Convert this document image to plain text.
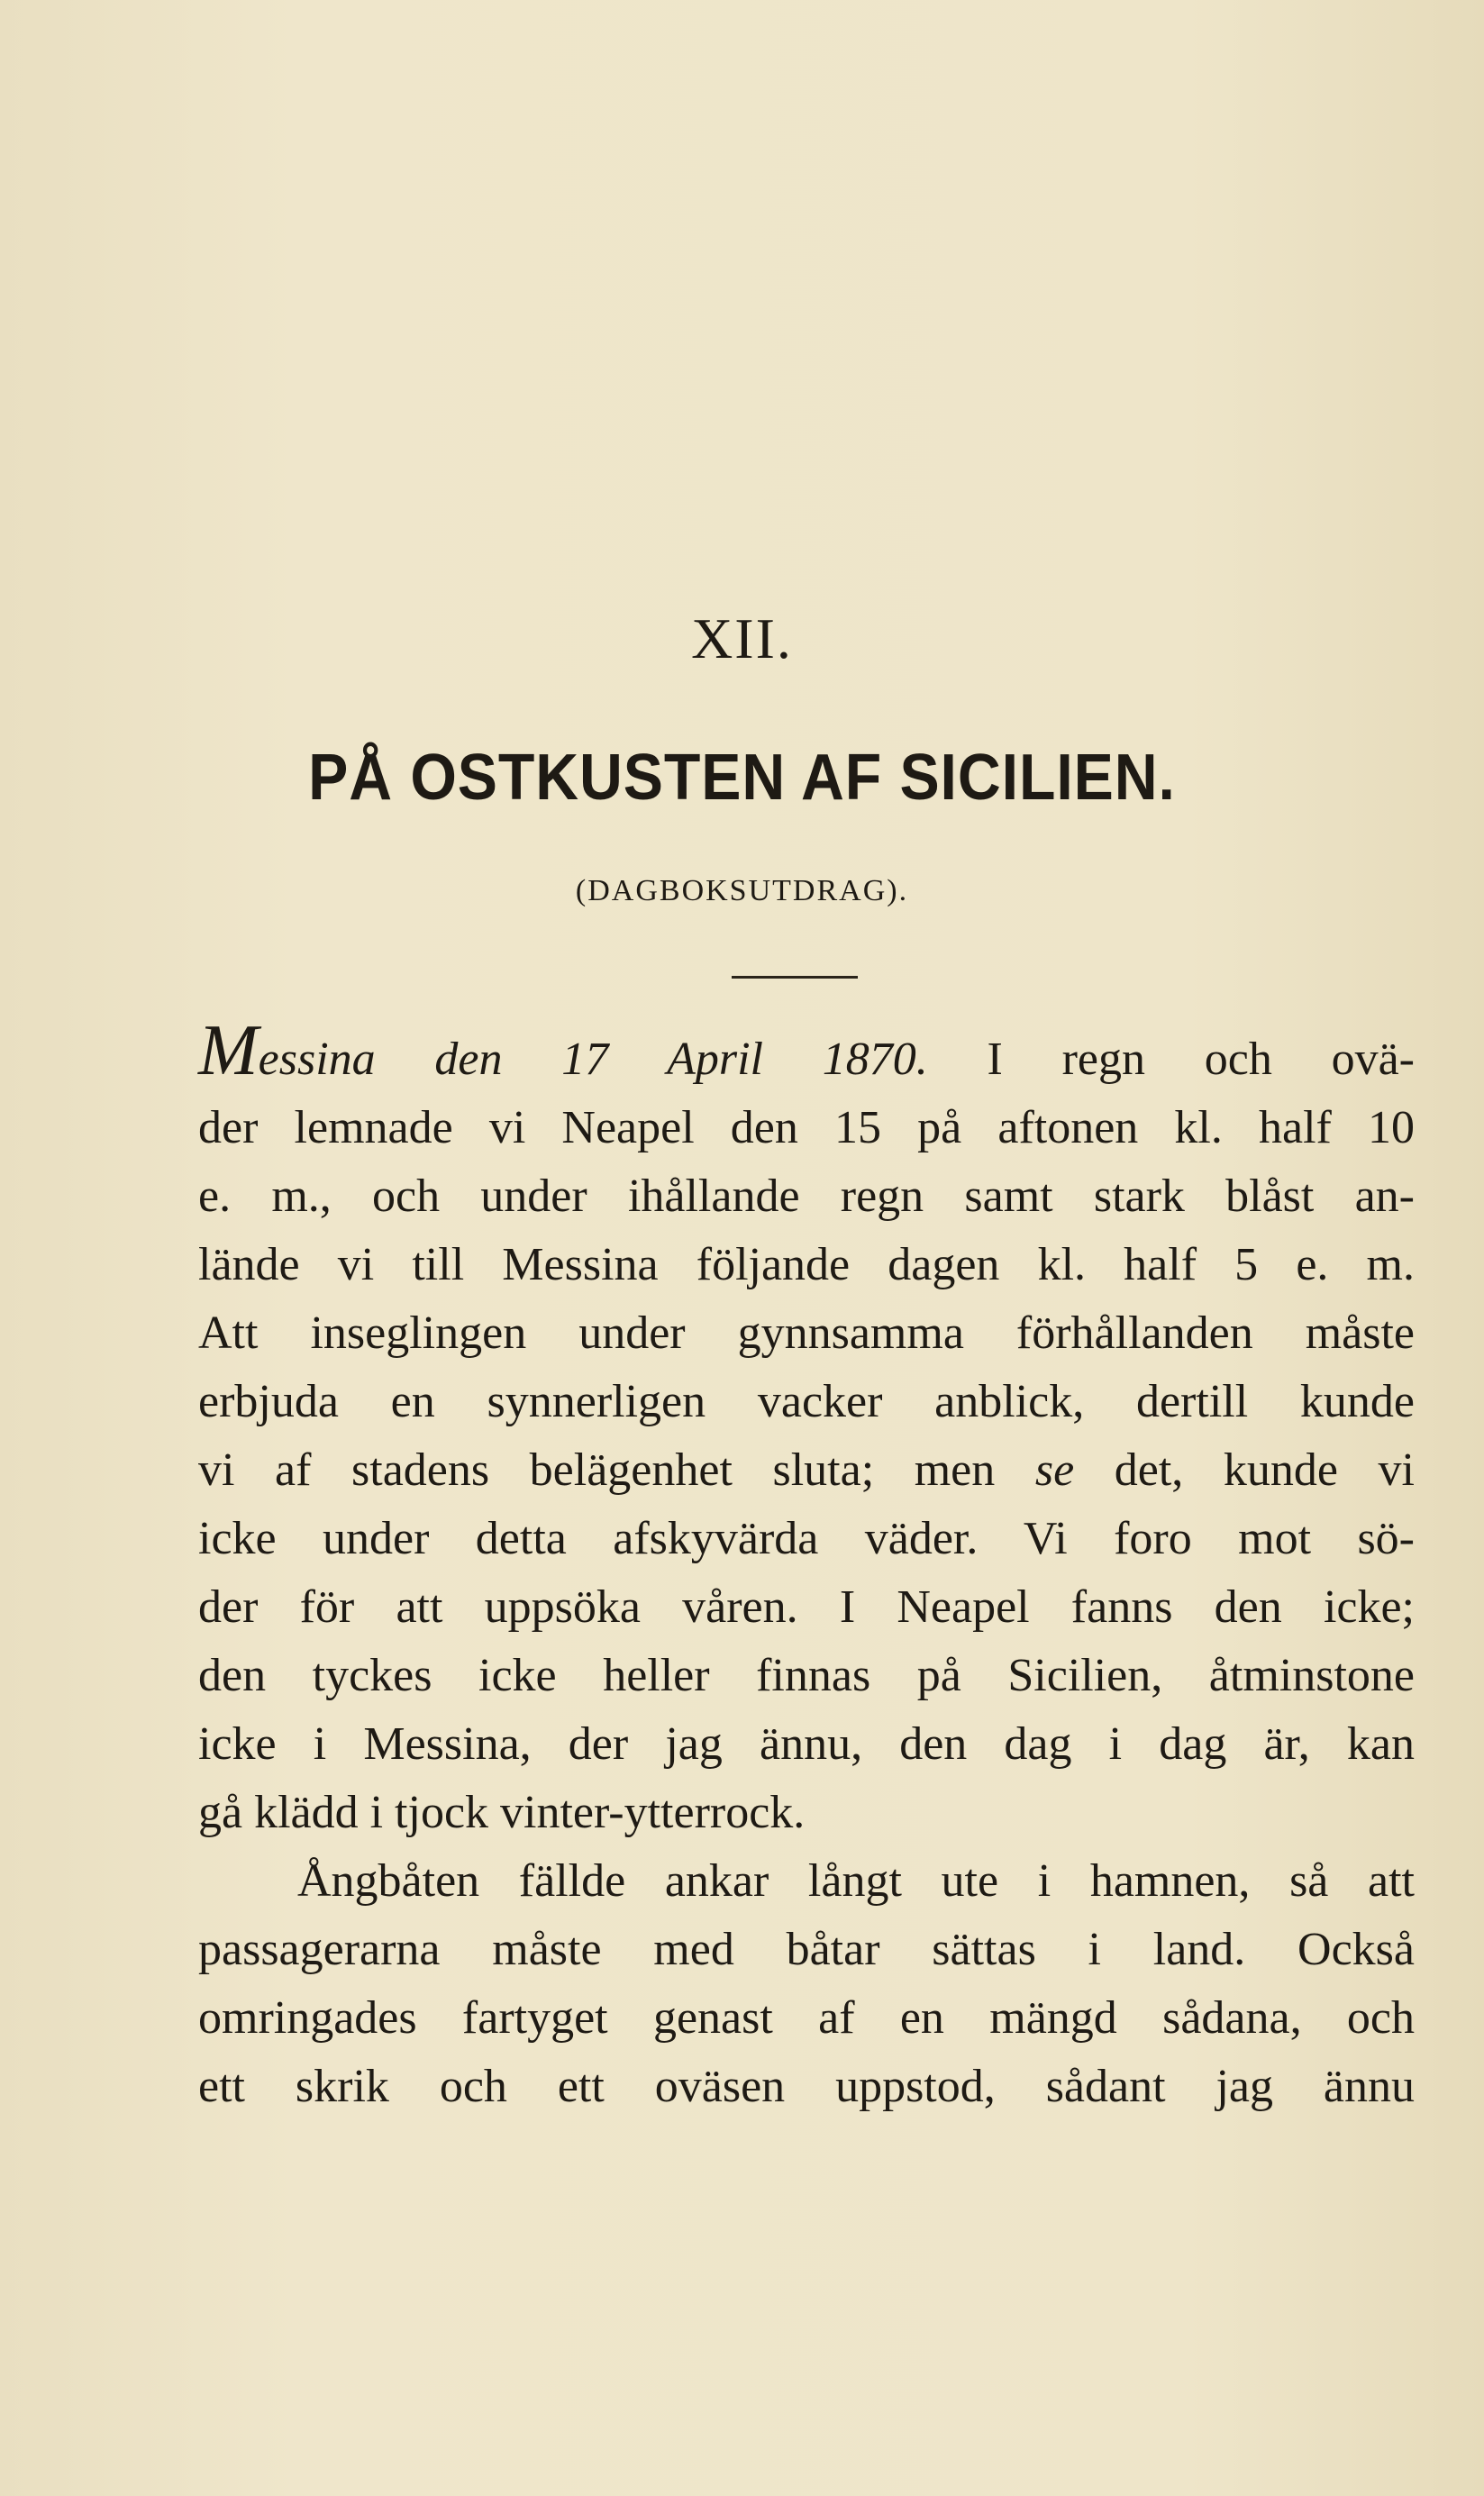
XII.
PÅ OSTKUSTEN AF SICILIEN.
(DAGBOKSUTDRAG).
Messina den 17 April 1870. I regn och ovä-
der lemnade vi Neapel den 15 på aftonen kl. half 10
e. m., och under ihållande regn samt stark blåst an-
lände vi till Messina följande dagen kl. half 5 e. m.
Att inseglingen under gynnsamma förhållanden måste
erbjuda en synnerligen vacker anblick, dertill kunde
vi af stadens belägenhet sluta; men se det, kunde vi
icke under detta afskyvärda väder. Vi foro mot sö-
der för att uppsöka våren. I Neapel fanns den icke;
den tyckes icke heller finnas på Sicilien, åtminstone
icke i Messina, der jag ännu, den dag i dag är, kan
gå klädd i tjock vinter-ytterrock.
Ångbåten fällde ankar långt ute i hamnen, så att
passagerarna måste med båtar sättas i land. Också
omringades fartyget genast af en mängd sådana, och
ett skrik och ett oväsen uppstod, sådant jag ännu
